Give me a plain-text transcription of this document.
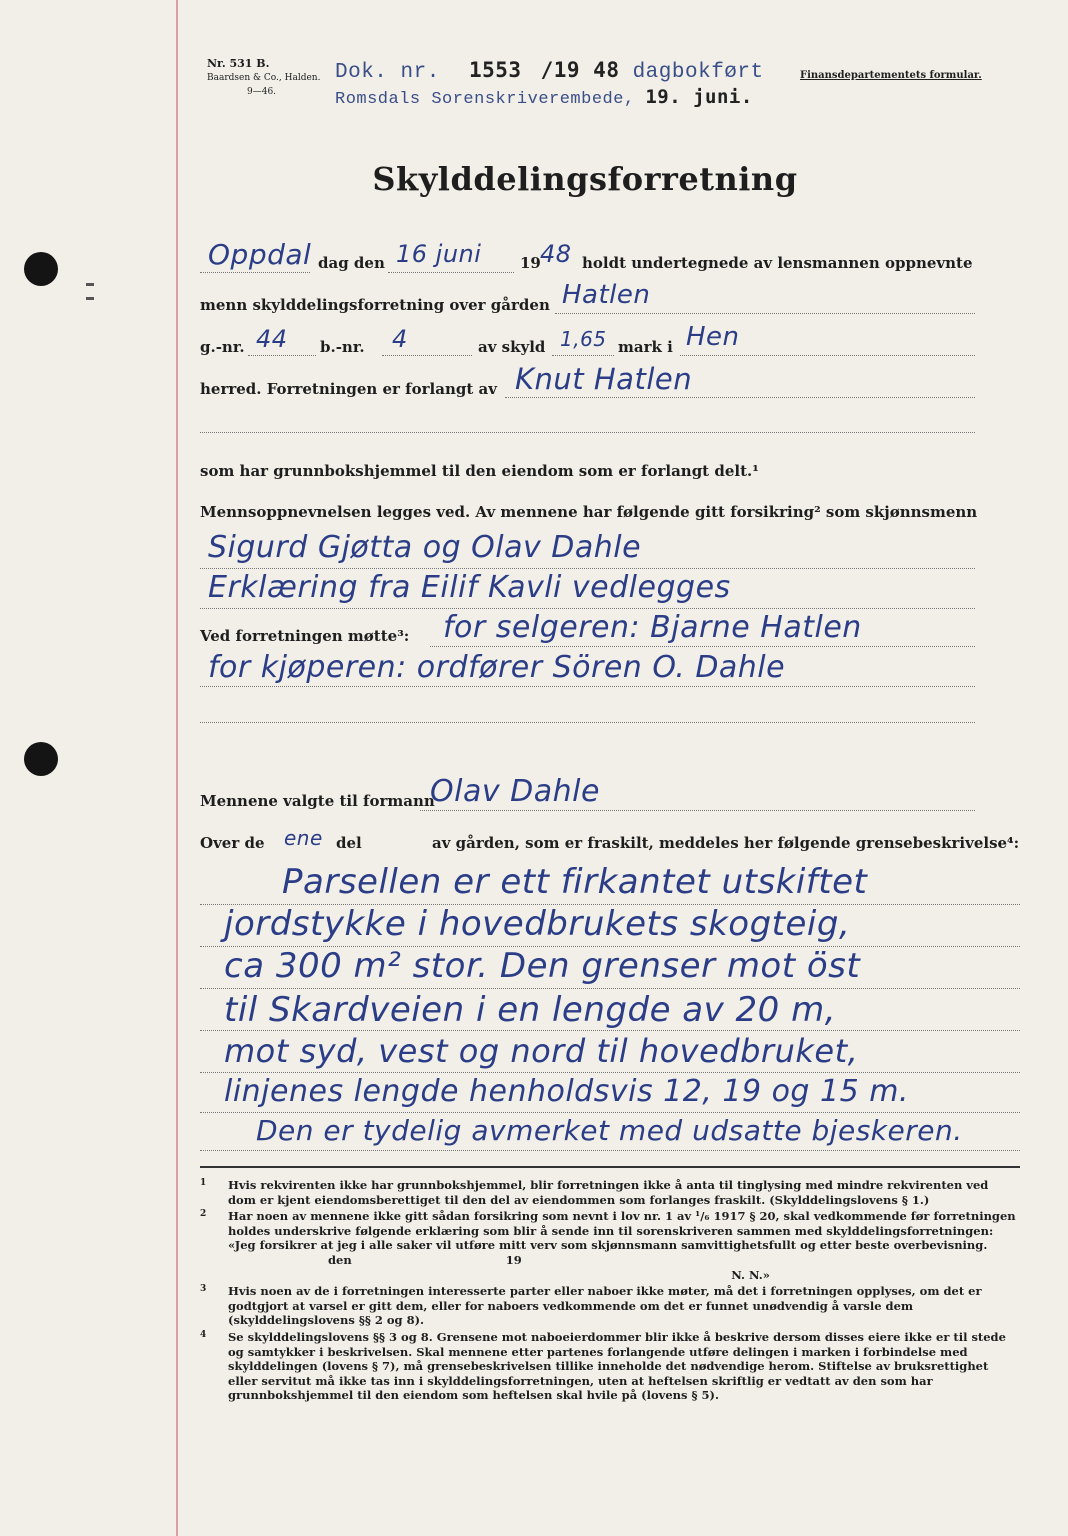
Nr. 531 B.
Baardsen & Co., Halden.
9—46.
Dok. nr. 1553 /19 48 dagbokført
Romsdals Sorenskriverembede, 19. juni.
Finansdepartementets formular.
Skylddelingsforretning
Oppdal dag den 16 juni	19 48 holdt undertegnede av lensmannen oppnevnte
menn skylddelingsforretning over gården Hatlen
g.-nr. 44 b.-nr. 4	av skyld 1,65 mark i Hen
herred. Forretningen er forlangt av Knut Hatlen
som har grunnbokshjemmel til den eiendom som er forlangt delt.¹
Mennsoppnevnelsen legges ved. Av mennene har følgende gitt forsikring² som skjønnsmenn
Sigurd Gjøtta og Olav Dahle
Erklæring fra Eilif Kavli vedlegges
Ved forretningen møtte³: for selgeren: Bjarne Hatlen
for kjøperen: ordfører Sören O. Dahle
Mennene valgte til formann
Olav Dahle
Over de ene del	av gården, som er fraskilt, meddeles her følgende grensebeskrivelse⁴:
Parsellen er ett firkantet utskiftet
jordstykke i hovedbrukets skogteig,
ca 300 m² stor. Den grenser mot öst
til Skardveien i en lengde av 20 m,
mot syd, vest og nord til hovedbruket,
linjenes lengde henholdsvis 12, 19 og 15 m.
Den er tydelig avmerket med udsatte bjeskeren.
1 Hvis rekvirenten ikke har grunnbokshjemmel, blir forretningen ikke å anta til tinglysing med mindre rekvirenten ved dom er kjent eiendomsberettiget til den del av eiendommen som forlanges fraskilt. (Skylddelingslovens § 1.)
2 Har noen av mennene ikke gitt sådan forsikring som nevnt i lov nr. 1 av ¹/₆ 1917 § 20, skal vedkommende før forretningen holdes underskrive følgende erklæring som blir å sende inn til sorenskriveren sammen med skylddelingsforretningen: «Jeg forsikrer at jeg i alle saker vil utføre mitt verv som skjønnsmann samvittighetsfullt og etter beste overbevisning. den	19
N. N.»
3 Hvis noen av de i forretningen interesserte parter eller naboer ikke møter, må det i forretningen opplyses, om det er godtgjort at varsel er gitt dem, eller for naboers vedkommende om det er funnet unødvendig å varsle dem (skylddelingslovens §§ 2 og 8).
4 Se skylddelingslovens §§ 3 og 8. Grensene mot naboeierdommer blir ikke å beskrive dersom disses eiere ikke er til stede og samtykker i beskrivelsen. Skal mennene etter partenes forlangende utføre delingen i marken i forbindelse med skylddelingen (lovens § 7), må grensebeskrivelsen tillike inneholde det nødvendige herom. Stiftelse av bruksrettighet eller servitut må ikke tas inn i skylddelingsforretningen, uten at heftelsen skriftlig er vedtatt av den som har grunnbokshjemmel til den eiendom som heftelsen skal hvile på (lovens § 5).
